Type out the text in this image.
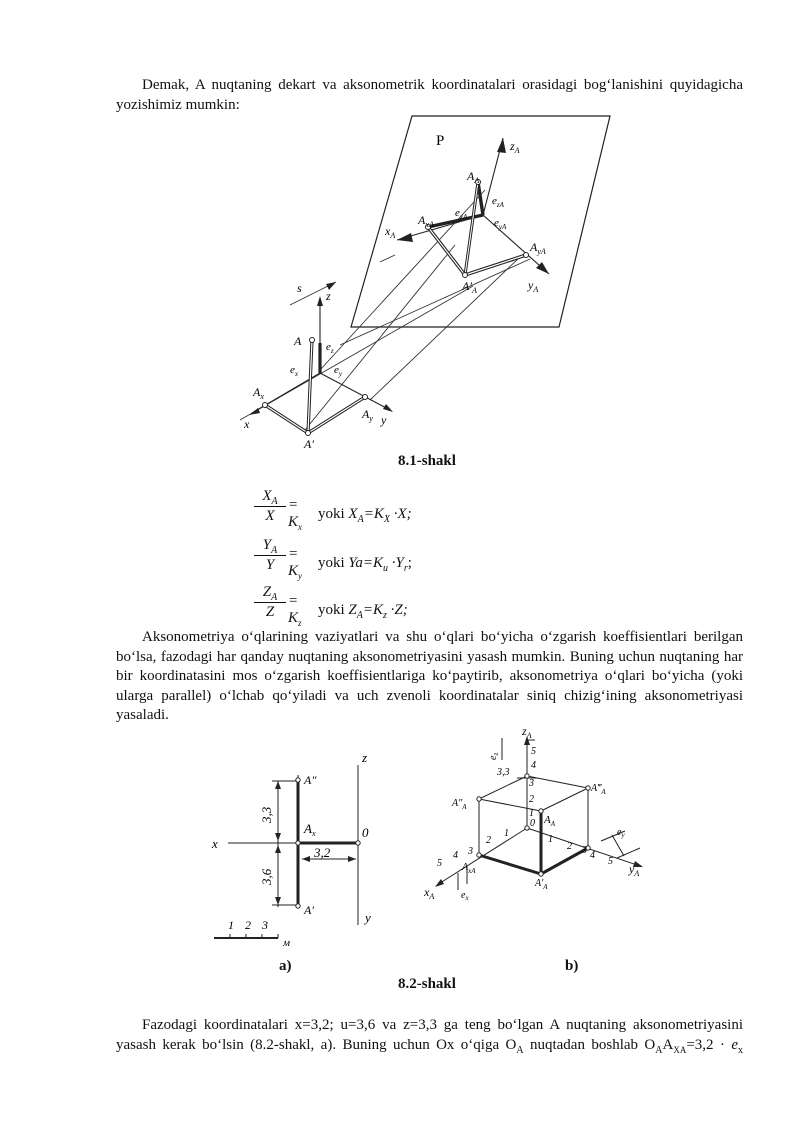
Demak, A nuqtaning dekart va aksonometrik koordinatalari orasidagi bog‘lanishini quyidagicha yozishimiz mumkin:

P	$z_A$
$x_A$
$y_A$
$A_A$
$A_{xA}$
$A_{yA}$
$A'_A$
$e_{zA}$
$e_{xA}$ $e_{yA}$
s
z
x	y
A
$A_x$
$A_y$
A′
$e_z$
$e_x$	$e_y$
8.1-shakl
$X_A$
X
= $K_x$
yoki $X_A=K_X \cdot X$;
$Y_A$
Y
= $K_y$
yoki $Ya=K_u \cdot Y_r$;
$Z_A$
Z
= $K_z$
yoki $Z_A=K_z \cdot Z$;

Aksonometriya o‘qlarining vaziyatlari va shu o‘qlari bo‘yicha o‘zgarish koeffisientlari berilgan bo‘lsa, fazodagi har qanday nuqtaning aksonometriyasini yasash mumkin. Buning uchun nuqtaning har bir koordinatasini mos o‘zgarish koeffisientlariga ko‘paytirib, aksonometriya o‘qlari bo‘yicha (yoki ularga parallel) o‘lchab qo‘yiladi va uch zvenoli koordinatalar siniq chizig‘ining aksonometriyasi yasaladi.

z
x
y
0
A″
$A_x$
A′
3,3
3,6
3,2
1 2 3
м
$z_A$
$x_A$
$y_A$
$e_z$
$e_x$
$e_y$
5
4
3,3
3
2
1
0
1
2
3
4
5
1
2 3 4
5
$A‴_A$
$A''_A$
$A_A$
$A_{xA}$
$A'_A$
a)	b)
8.2-shakl

Fazodagi koordinatalari x=3,2; u=3,6 va z=3,3 ga teng bo‘lgan A nuqtaning aksonometriyasini yasash kerak bo‘lsin (8.2-shakl, a). Buning uchun Ox o‘qiga $O_A$ nuqtadan boshlab $O_AA_{XA}=3,2 \cdot e_x$
